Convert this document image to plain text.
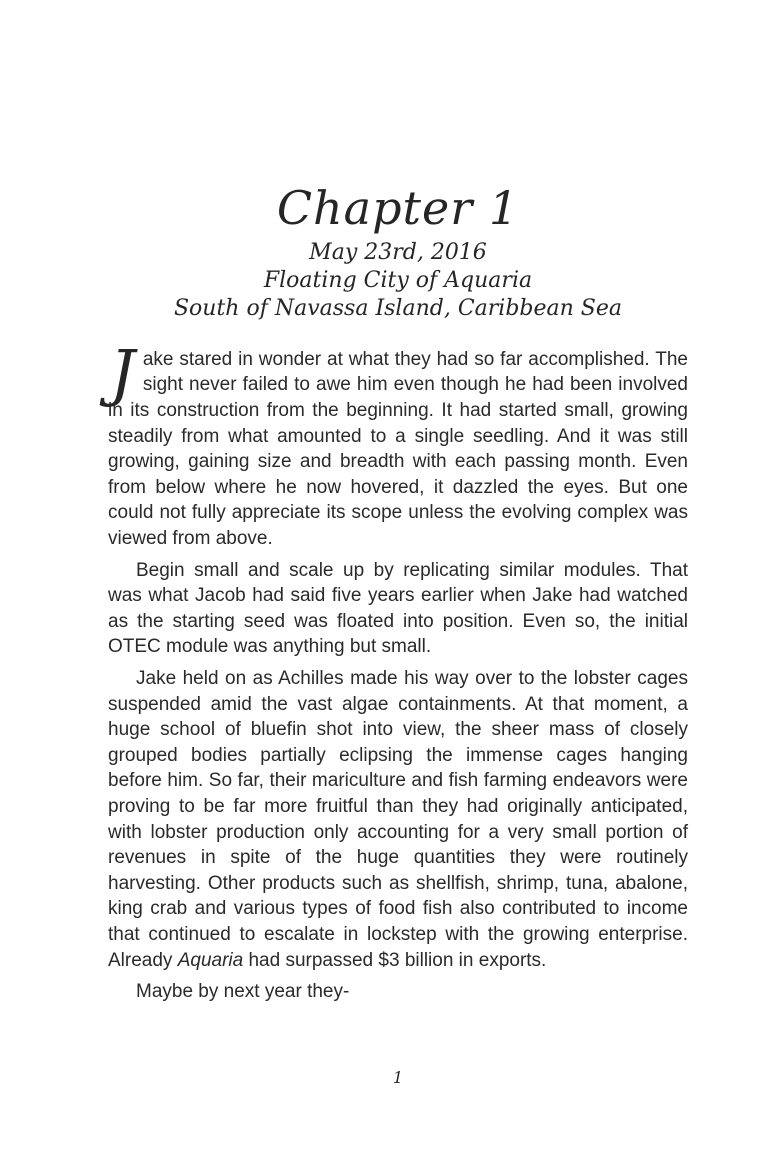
Chapter 1
May 23rd, 2016
Floating City of Aquaria
South of Navassa Island, Caribbean Sea

Jake stared in wonder at what they had so far accomplished. The sight never failed to awe him even though he had been involved in its construction from the beginning. It had started small, growing steadily from what amounted to a single seedling. And it was still growing, gaining size and breadth with each passing month. Even from below where he now hovered, it dazzled the eyes. But one could not fully appreciate its scope unless the evolving complex was viewed from above.

Begin small and scale up by replicating similar modules. That was what Jacob had said five years earlier when Jake had watched as the starting seed was floated into position. Even so, the initial OTEC module was anything but small.

Jake held on as Achilles made his way over to the lobster cages suspended amid the vast algae containments. At that moment, a huge school of bluefin shot into view, the sheer mass of closely grouped bodies partially eclipsing the immense cages hanging before him. So far, their mariculture and fish farming endeavors were proving to be far more fruitful than they had originally anticipated, with lobster production only accounting for a very small portion of revenues in spite of the huge quantities they were routinely harvesting. Other products such as shellfish, shrimp, tuna, abalone, king crab and various types of food fish also contributed to income that continued to escalate in lockstep with the growing enterprise. Already Aquaria had surpassed $3 billion in exports.

Maybe by next year they-

1
